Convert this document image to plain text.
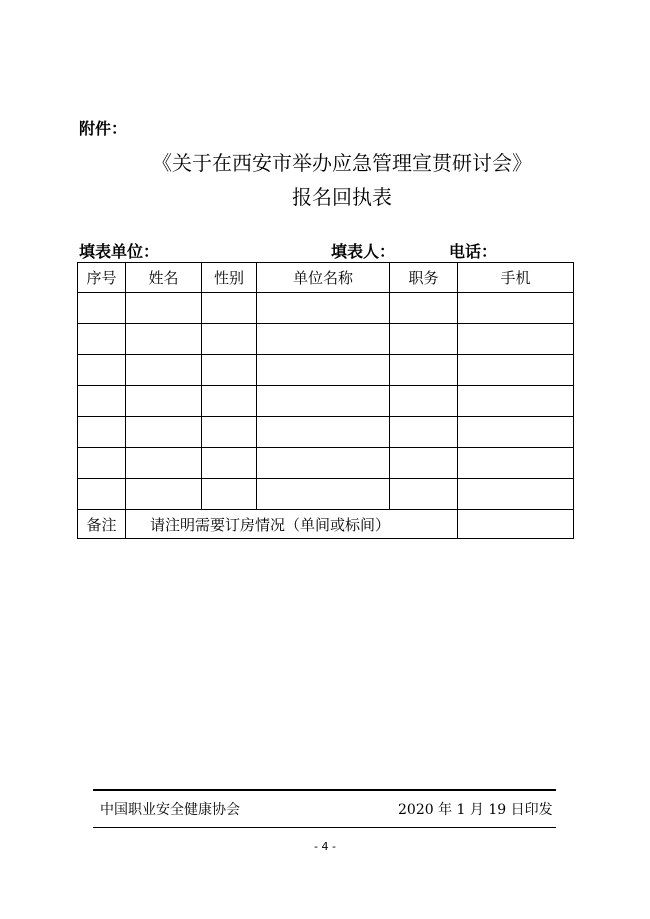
附件：
《关于在西安市举办应急管理宣贯研讨会》
报名回执表
填表单位：	填表人：	电话：
序号	姓名	性别	单位名称	职务	手机

备注	请注明需要订房情况（单间或标间）				
中国职业安全健康协会	2020 年 1 月 19 日印发
- 4 -
